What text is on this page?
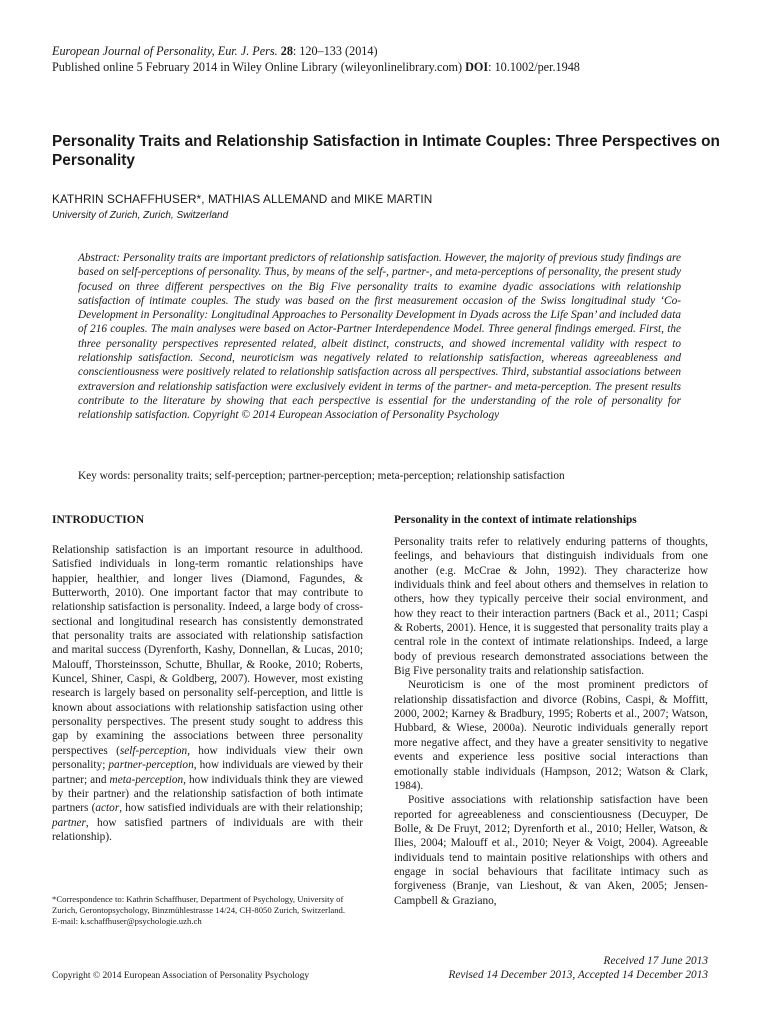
European Journal of Personality, Eur. J. Pers. 28: 120–133 (2014)
Published online 5 February 2014 in Wiley Online Library (wileyonlinelibrary.com) DOI: 10.1002/per.1948
Personality Traits and Relationship Satisfaction in Intimate Couples: Three Perspectives on Personality
KATHRIN SCHAFFHUSER*, MATHIAS ALLEMAND and MIKE MARTIN
University of Zurich, Zurich, Switzerland
Abstract: Personality traits are important predictors of relationship satisfaction. However, the majority of previous study findings are based on self-perceptions of personality. Thus, by means of the self-, partner-, and meta-perceptions of personality, the present study focused on three different perspectives on the Big Five personality traits to examine dyadic associations with relationship satisfaction of intimate couples. The study was based on the first measurement occasion of the Swiss longitudinal study ‘Co-Development in Personality: Longitudinal Approaches to Personality Development in Dyads across the Life Span’ and included data of 216 couples. The main analyses were based on Actor-Partner Interdependence Model. Three general findings emerged. First, the three personality perspectives represented related, albeit distinct, constructs, and showed incremental validity with respect to relationship satisfaction. Second, neuroticism was negatively related to relationship satisfaction, whereas agreeableness and conscientiousness were positively related to relationship satisfaction across all perspectives. Third, substantial associations between extraversion and relationship satisfaction were exclusively evident in terms of the partner- and meta-perception. The present results contribute to the literature by showing that each perspective is essential for the understanding of the role of personality for relationship satisfaction. Copyright © 2014 European Association of Personality Psychology
Key words: personality traits; self-perception; partner-perception; meta-perception; relationship satisfaction
INTRODUCTION

Relationship satisfaction is an important resource in adulthood. Satisfied individuals in long-term romantic relationships have happier, healthier, and longer lives (Diamond, Fagundes, & Butterworth, 2010). One important factor that may contribute to relationship satisfaction is personality. Indeed, a large body of cross-sectional and longitudinal research has consistently demonstrated that personality traits are associated with relationship satisfaction and marital success (Dyrenforth, Kashy, Donnellan, & Lucas, 2010; Malouff, Thorsteinsson, Schutte, Bhullar, & Rooke, 2010; Roberts, Kuncel, Shiner, Caspi, & Goldberg, 2007). However, most existing research is largely based on personality self-perception, and little is known about associations with relationship satisfaction using other personality perspectives. The present study sought to address this gap by examining the associations between three personality perspectives (self-perception, how individuals view their own personality; partner-perception, how individuals are viewed by their partner; and meta-perception, how individuals think they are viewed by their partner) and the relationship satisfaction of both intimate partners (actor, how satisfied individuals are with their relationship; partner, how satisfied partners of individuals are with their relationship).

*Correspondence to: Kathrin Schaffhuser, Department of Psychology, University of Zurich, Gerontopsychology, Binzmühlestrasse 14/24, CH-8050 Zurich, Switzerland.
E-mail: k.schaffhuser@psychologie.uzh.ch
Personality in the context of intimate relationships

Personality traits refer to relatively enduring patterns of thoughts, feelings, and behaviours that distinguish individuals from one another (e.g. McCrae & John, 1992). They characterize how individuals think and feel about others and themselves in relation to others, how they typically perceive their social environment, and how they react to their interaction partners (Back et al., 2011; Caspi & Roberts, 2001). Hence, it is suggested that personality traits play a central role in the context of intimate relationships. Indeed, a large body of previous research demonstrated associations between the Big Five personality traits and relationship satisfaction.

Neuroticism is one of the most prominent predictors of relationship dissatisfaction and divorce (Robins, Caspi, & Moffitt, 2000, 2002; Karney & Bradbury, 1995; Roberts et al., 2007; Watson, Hubbard, & Wiese, 2000a). Neurotic individuals generally report more negative affect, and they have a greater sensitivity to negative events and experience less positive social interactions than emotionally stable individuals (Hampson, 2012; Watson & Clark, 1984).

Positive associations with relationship satisfaction have been reported for agreeableness and conscientiousness (Decuyper, De Bolle, & De Fruyt, 2012; Dyrenforth et al., 2010; Heller, Watson, & Ilies, 2004; Malouff et al., 2010; Neyer & Voigt, 2004). Agreeable individuals tend to maintain positive relationships with others and engage in social behaviours that facilitate intimacy such as forgiveness (Branje, van Lieshout, & van Aken, 2005; Jensen-Campbell & Graziano,

Copyright © 2014 European Association of Personality Psychology
Received 17 June 2013
Revised 14 December 2013, Accepted 14 December 2013
